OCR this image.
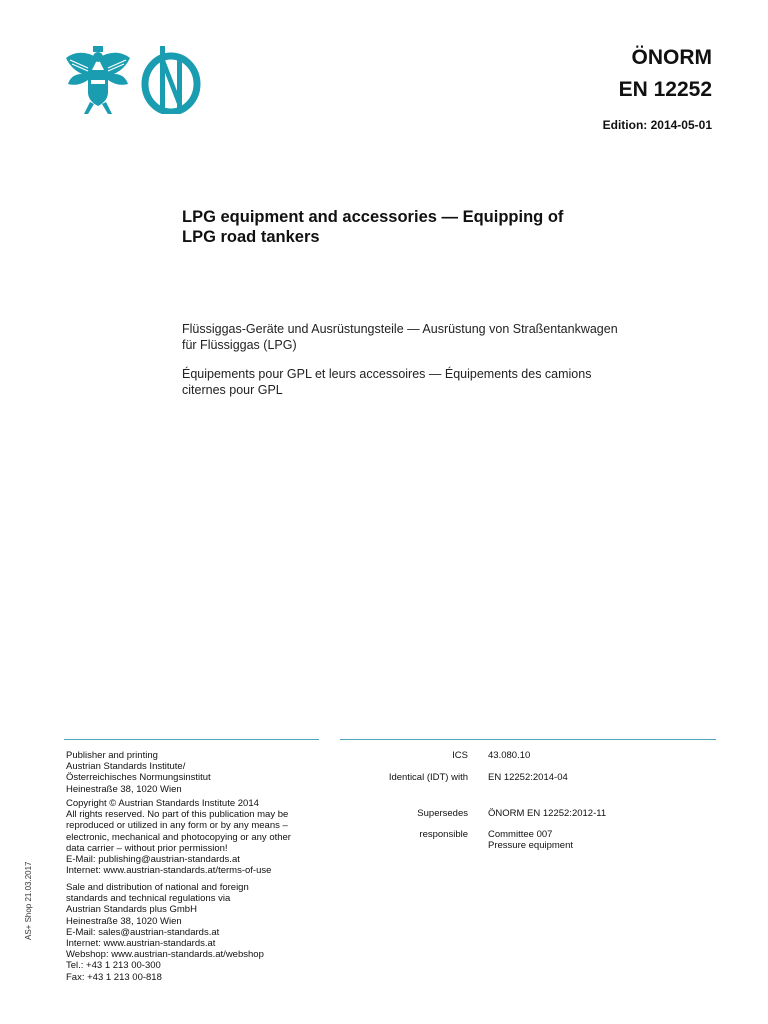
ÖNORM
EN 12252
Edition: 2014-05-01
LPG equipment and accessories — Equipping of
LPG road tankers
Flüssiggas-Geräte und Ausrüstungsteile — Ausrüstung von Straßentankwagen
für Flüssiggas (LPG)
Équipements pour GPL et leurs accessoires — Équipements des camions
citernes pour GPL
Publisher and printing
Austrian Standards Institute/
Österreichisches Normungsinstitut
Heinestraße 38, 1020 Wien
Copyright © Austrian Standards Institute 2014
All rights reserved. No part of this publication may be
reproduced or utilized in any form or by any means –
electronic, mechanical and photocopying or any other
data carrier – without prior permission!
E-Mail: publishing@austrian-standards.at
Internet: www.austrian-standards.at/terms-of-use
Sale and distribution of national and foreign
standards and technical regulations via
Austrian Standards plus GmbH
Heinestraße 38, 1020 Wien
E-Mail: sales@austrian-standards.at
Internet: www.austrian-standards.at
Webshop: www.austrian-standards.at/webshop
Tel.: +43 1 213 00-300
Fax: +43 1 213 00-818
ICS 43.080.10
Identical (IDT) with EN 12252:2014-04
Supersedes ÖNORM EN 12252:2012-11
responsible Committee 007
Pressure equipment
AS+ Shop 21.03.2017
